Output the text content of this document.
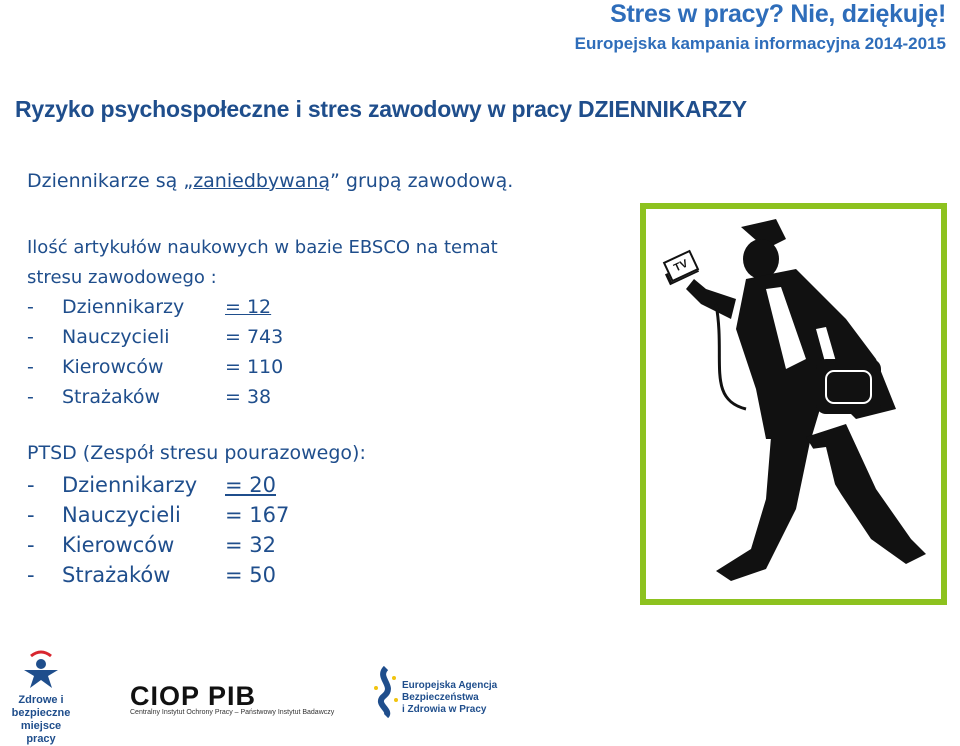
Stres w pracy? Nie, dziękuję!
Europejska kampania informacyjna 2014-2015
Ryzyko psychospołeczne i stres zawodowy w pracy DZIENNIKARZY
Dziennikarze są „zaniedbywaną” grupą zawodową.
Ilość artykułów naukowych w bazie EBSCO na temat
stresu zawodowego :
- Dziennikarzy = 12
- Nauczycieli	= 743
- Kierowców	= 110
- Strażaków	= 38
PTSD (Zespół stresu pourazowego):
- Dziennikarzy = 20
- Nauczycieli = 167
- Kierowców = 32
- Strażaków	= 50
TV
Zdrowe i bezpieczne
miejsce pracy
CIOP PIB
Centralny Instytut Ochrony Pracy – Państwowy Instytut Badawczy
Europejska Agencja
Bezpieczeństwa
i Zdrowia w Pracy
